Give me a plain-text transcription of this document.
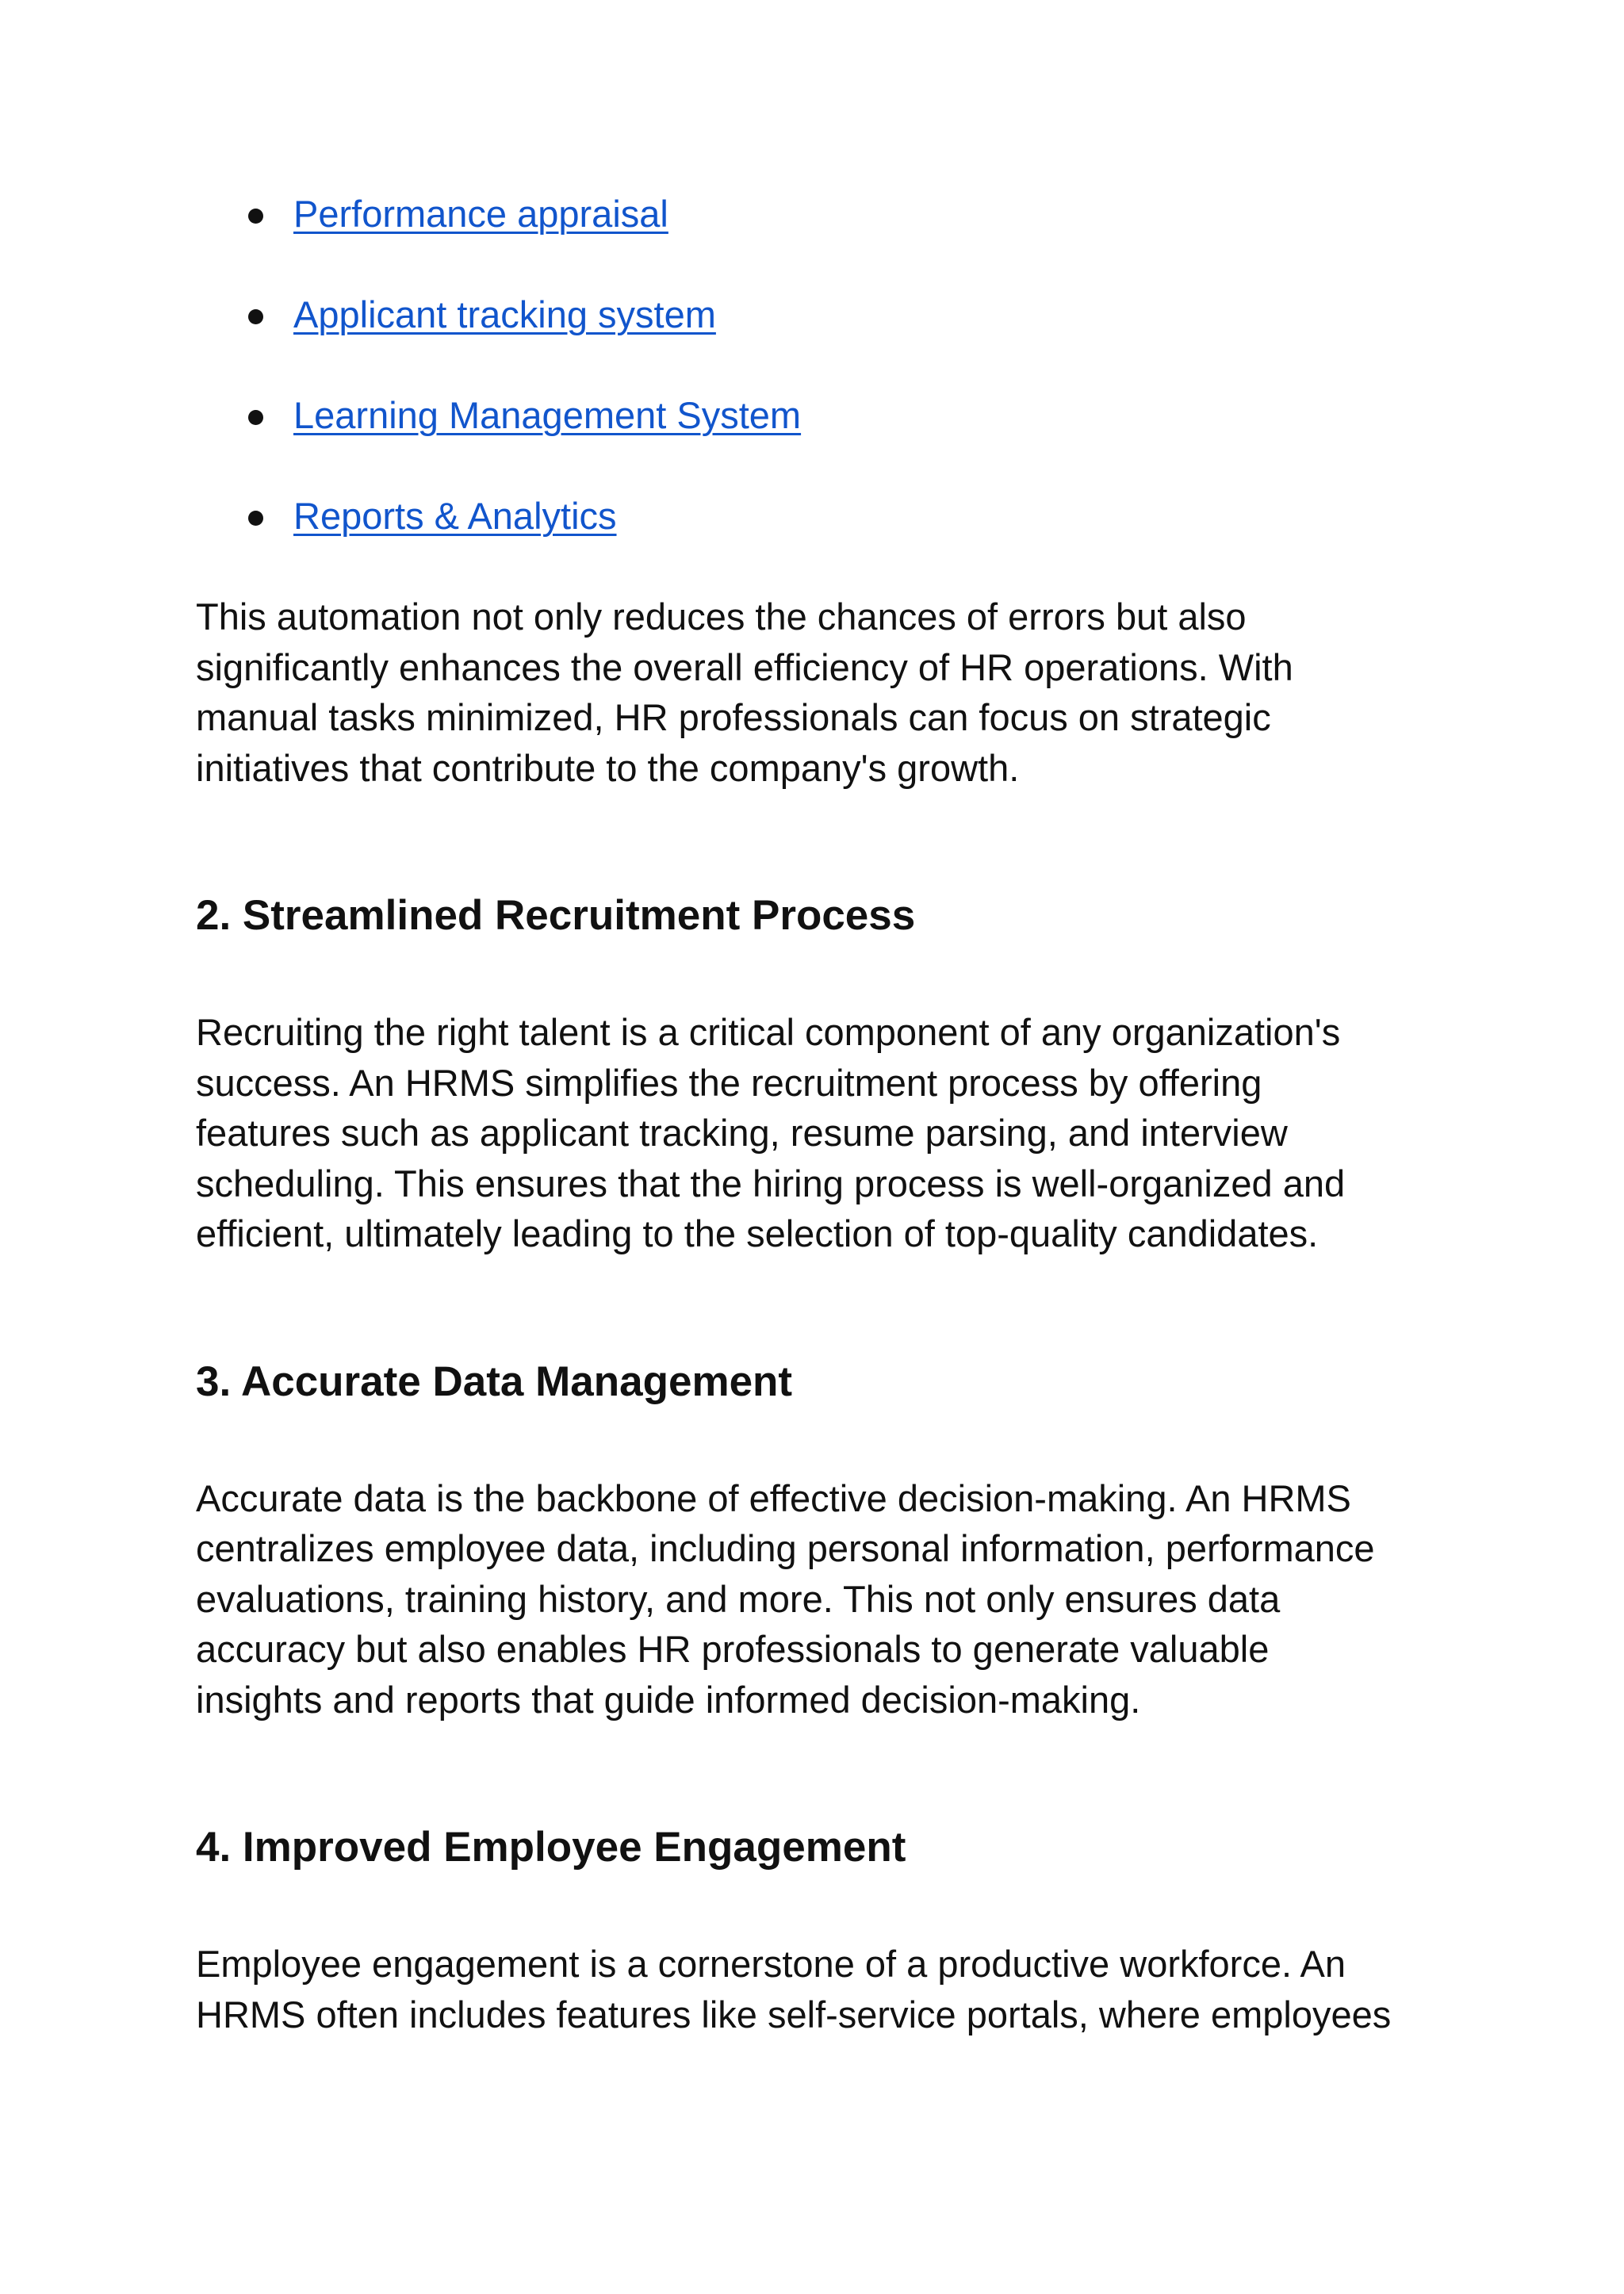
Performance appraisal
Applicant tracking system
Learning Management System
Reports & Analytics

This automation not only reduces the chances of errors but also
significantly enhances the overall efficiency of HR operations. With
manual tasks minimized, HR professionals can focus on strategic
initiatives that contribute to the company's growth.

2. Streamlined Recruitment Process

Recruiting the right talent is a critical component of any organization's
success. An HRMS simplifies the recruitment process by offering
features such as applicant tracking, resume parsing, and interview
scheduling. This ensures that the hiring process is well-organized and
efficient, ultimately leading to the selection of top-quality candidates.

3. Accurate Data Management

Accurate data is the backbone of effective decision-making. An HRMS
centralizes employee data, including personal information, performance
evaluations, training history, and more. This not only ensures data
accuracy but also enables HR professionals to generate valuable
insights and reports that guide informed decision-making.

4. Improved Employee Engagement

Employee engagement is a cornerstone of a productive workforce. An
HRMS often includes features like self-service portals, where employees
